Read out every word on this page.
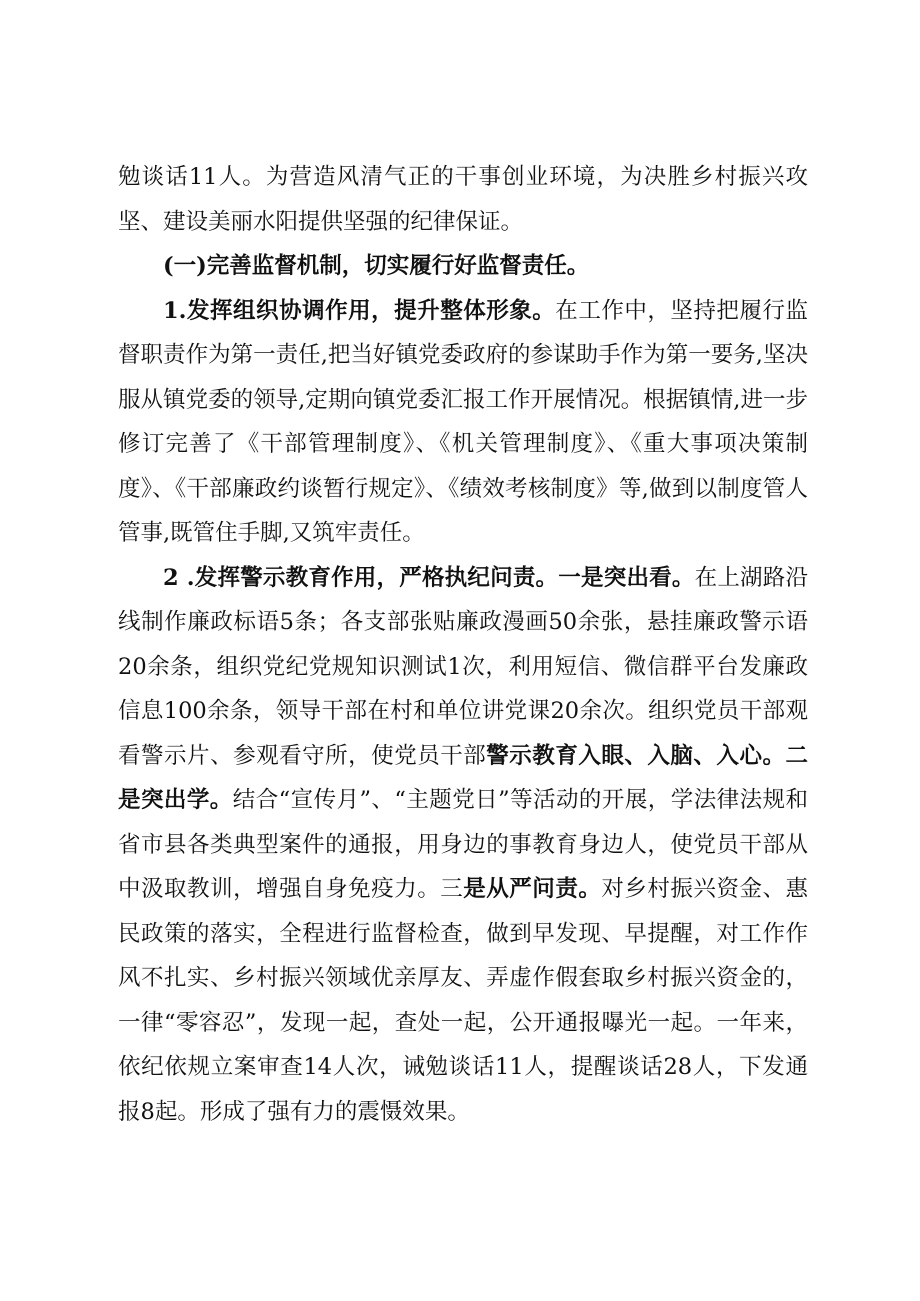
勉谈话11人。为营造风清气正的干事创业环境，为决胜乡村振兴攻坚、建设美丽水阳提供坚强的纪律保证。

(一)完善监督机制，切实履行好监督责任。

1.发挥组织协调作用，提升整体形象。在工作中，坚持把履行监督职责作为第一责任,把当好镇党委政府的参谋助手作为第一要务,坚决服从镇党委的领导,定期向镇党委汇报工作开展情况。根据镇情,进一步修订完善了《干部管理制度》、《机关管理制度》、《重大事项决策制度》、《干部廉政约谈暂行规定》、《绩效考核制度》等,做到以制度管人管事,既管住手脚,又筑牢责任。

2 .发挥警示教育作用，严格执纪问责。一是突出看。在上湖路沿线制作廉政标语5条；各支部张贴廉政漫画50余张，悬挂廉政警示语20余条，组织党纪党规知识测试1次，利用短信、微信群平台发廉政信息100余条，领导干部在村和单位讲党课20余次。组织党员干部观看警示片、参观看守所，使党员干部警示教育入眼、入脑、入心。二是突出学。结合“宣传月”、“主题党日”等活动的开展，学法律法规和省市县各类典型案件的通报，用身边的事教育身边人，使党员干部从中汲取教训，增强自身免疫力。三是从严问责。对乡村振兴资金、惠民政策的落实，全程进行监督检查，做到早发现、早提醒，对工作作风不扎实、乡村振兴领域优亲厚友、弄虚作假套取乡村振兴资金的，一律“零容忍”，发现一起，查处一起，公开通报曝光一起。一年来，依纪依规立案审查14人次，诫勉谈话11人，提醒谈话28人，下发通报8起。形成了强有力的震慑效果。
